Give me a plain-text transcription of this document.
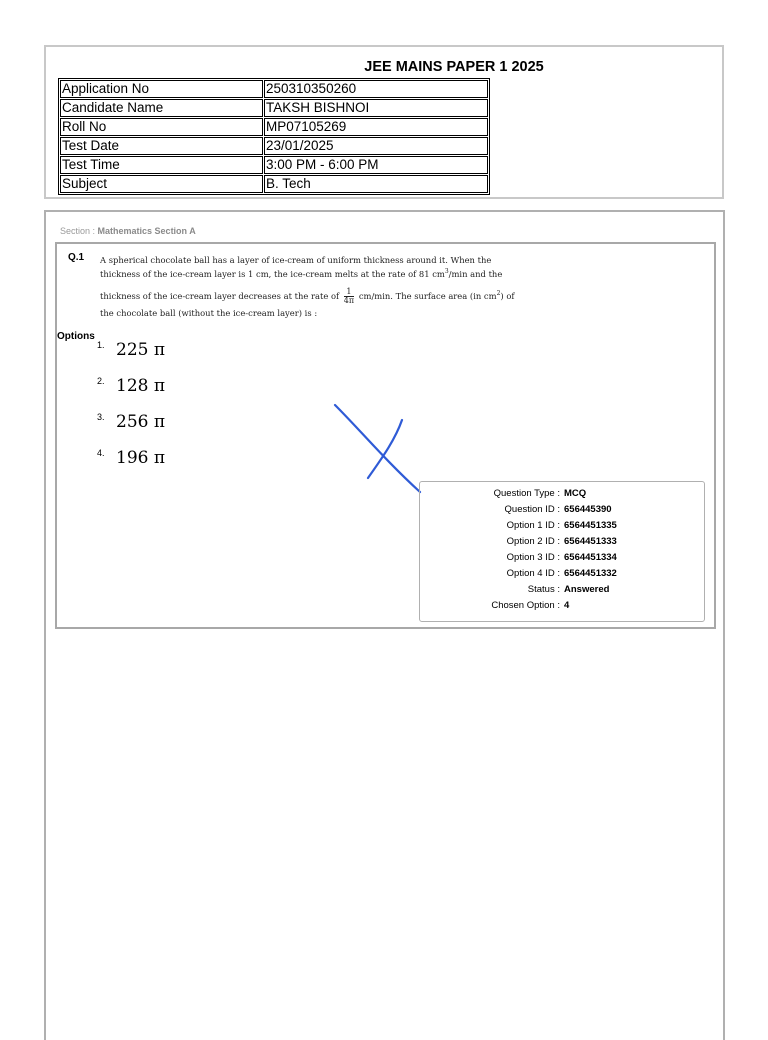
JEE MAINS PAPER 1 2025
Application No	250310350260
Candidate Name	TAKSH BISHNOI
Roll No	MP07105269
Test Date	23/01/2025
Test Time	3:00 PM - 6:00 PM
Subject	B. Tech
Section : Mathematics Section A
Q.1 A spherical chocolate ball has a layer of ice-cream of uniform thickness around it. When the

thickness of the ice-cream layer is 1 cm, the ice-cream melts at the rate of 81 $cm^3/\min$ and the

thickness of the ice-cream layer decreases at the rate of $\frac{1}{4\pi} cm/\min$. The surface area (in $cm^2$) of

the chocolate ball (without the ice-cream layer) is :

Options
1. 225 π
2. 128 π
3. 256 π
4. 196 π
Question Type : MCQ
Question ID : 656445390
Option 1 ID : 6564451335
Option 2 ID : 6564451333
Option 3 ID : 6564451334
Option 4 ID : 6564451332
Status : Answered
Chosen Option : 4
